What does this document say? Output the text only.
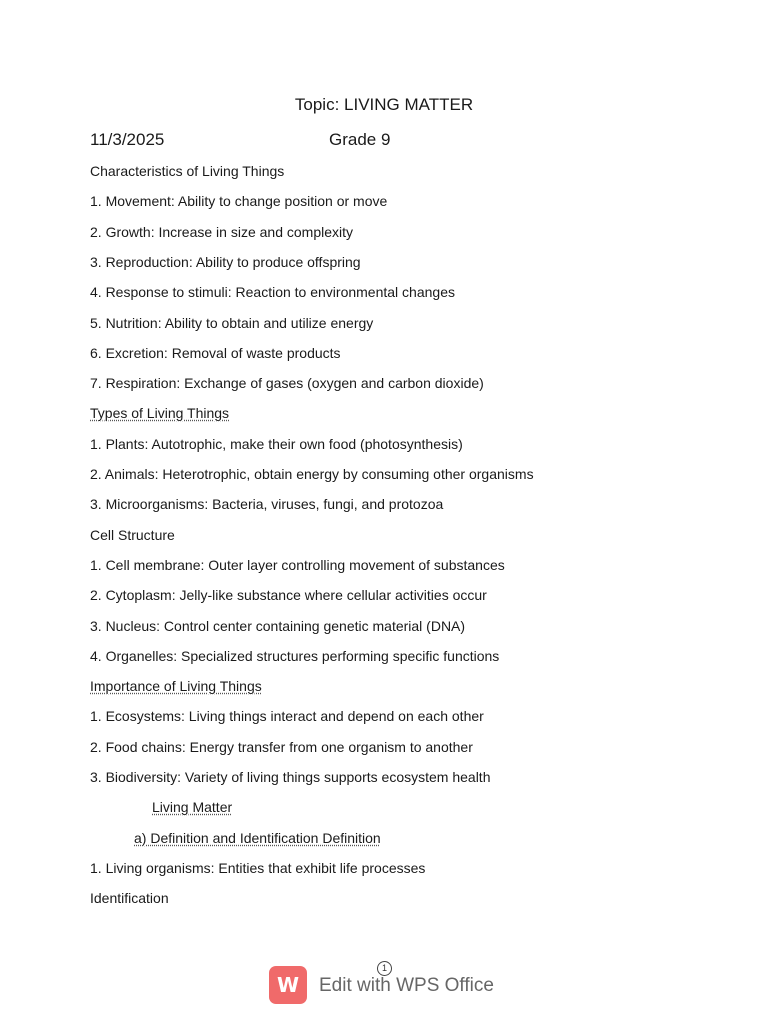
Topic: LIVING MATTER
11/3/2025	Grade 9
Characteristics of Living Things
1. Movement: Ability to change position or move
2. Growth: Increase in size and complexity
3. Reproduction: Ability to produce offspring
4. Response to stimuli: Reaction to environmental changes
5. Nutrition: Ability to obtain and utilize energy
6. Excretion: Removal of waste products
7. Respiration: Exchange of gases (oxygen and carbon dioxide)
Types of Living Things
1. Plants: Autotrophic, make their own food (photosynthesis)
2. Animals: Heterotrophic, obtain energy by consuming other organisms
3. Microorganisms: Bacteria, viruses, fungi, and protozoa
Cell Structure
1. Cell membrane: Outer layer controlling movement of substances
2. Cytoplasm: Jelly-like substance where cellular activities occur
3. Nucleus: Control center containing genetic material (DNA)
4. Organelles: Specialized structures performing specific functions
Importance of Living Things
1. Ecosystems: Living things interact and depend on each other
2. Food chains: Energy transfer from one organism to another
3. Biodiversity: Variety of living things supports ecosystem health
Living Matter
a) Definition and Identification Definition
1. Living organisms: Entities that exhibit life processes
Identification
1
W	Edit with WPS Office
